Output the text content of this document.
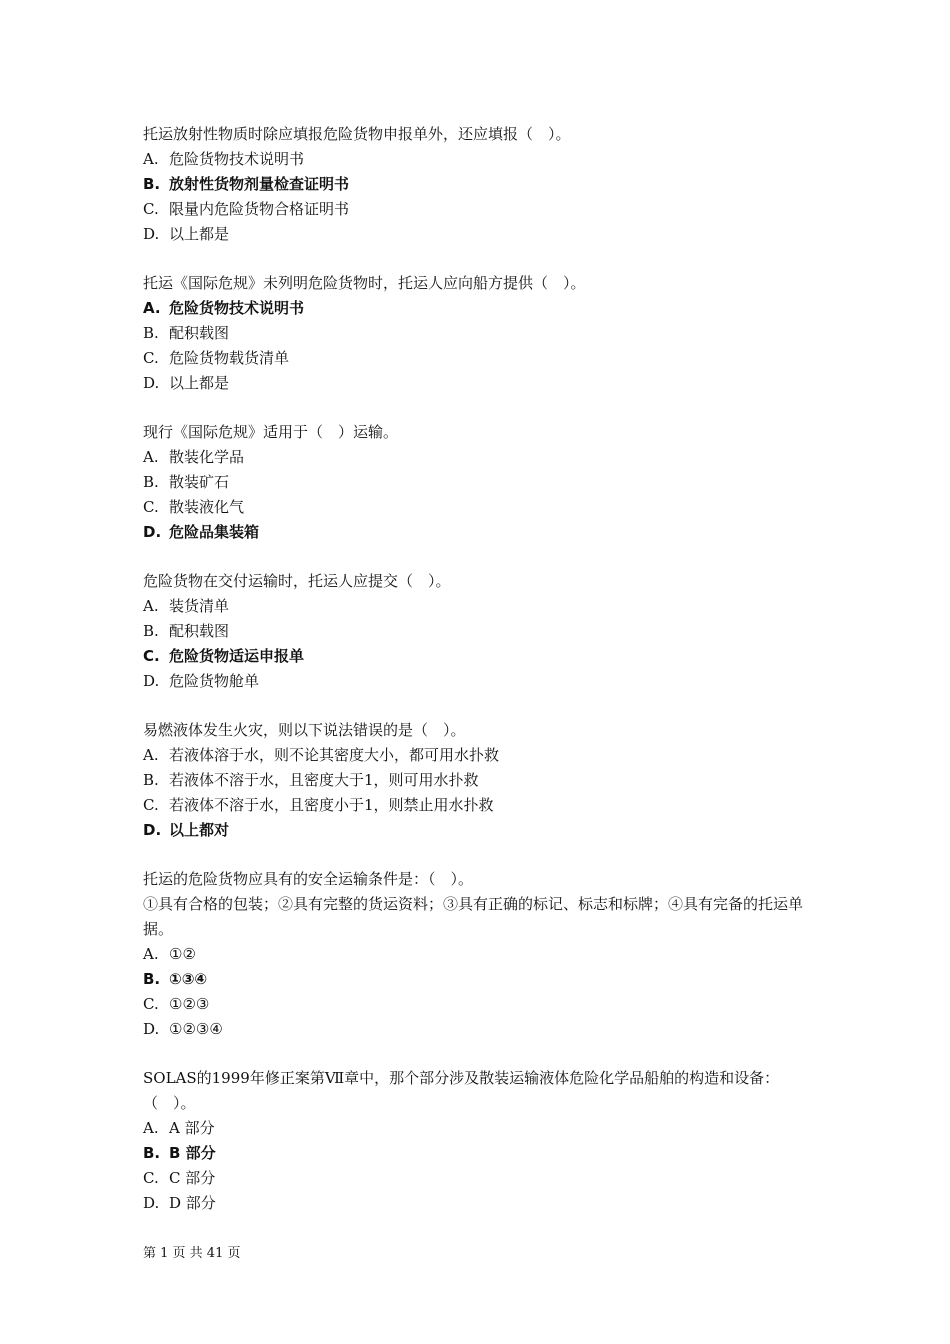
托运放射性物质时除应填报危险货物申报单外，还应填报（　）。

A. 危险货物技术说明书

B. 放射性货物剂量检查证明书

C. 限量内危险货物合格证明书

D. 以上都是

托运《国际危规》未列明危险货物时，托运人应向船方提供（　）。

A. 危险货物技术说明书

B. 配积载图

C. 危险货物载货清单

D. 以上都是

现行《国际危规》适用于（　）运输。

A. 散装化学品

B. 散装矿石

C. 散装液化气

D. 危险品集装箱

危险货物在交付运输时，托运人应提交（　）。

A. 装货清单

B. 配积载图

C. 危险货物适运申报单

D. 危险货物舱单

易燃液体发生火灾，则以下说法错误的是（　）。

A. 若液体溶于水，则不论其密度大小，都可用水扑救

B. 若液体不溶于水，且密度大于1，则可用水扑救

C. 若液体不溶于水，且密度小于1，则禁止用水扑救

D. 以上都对

托运的危险货物应具有的安全运输条件是：（　）。

①具有合格的包装；②具有完整的货运资料；③具有正确的标记、标志和标牌；④具有完备的托运单据。

A. ①②

B. ①③④

C. ①②③

D. ①②③④

SOLAS的1999年修正案第Ⅶ章中，那个部分涉及散装运输液体危险化学品船舶的构造和设备：（　）。

A. A 部分

B. B 部分

C. C 部分

D. D 部分

第 1 页 共 41 页
